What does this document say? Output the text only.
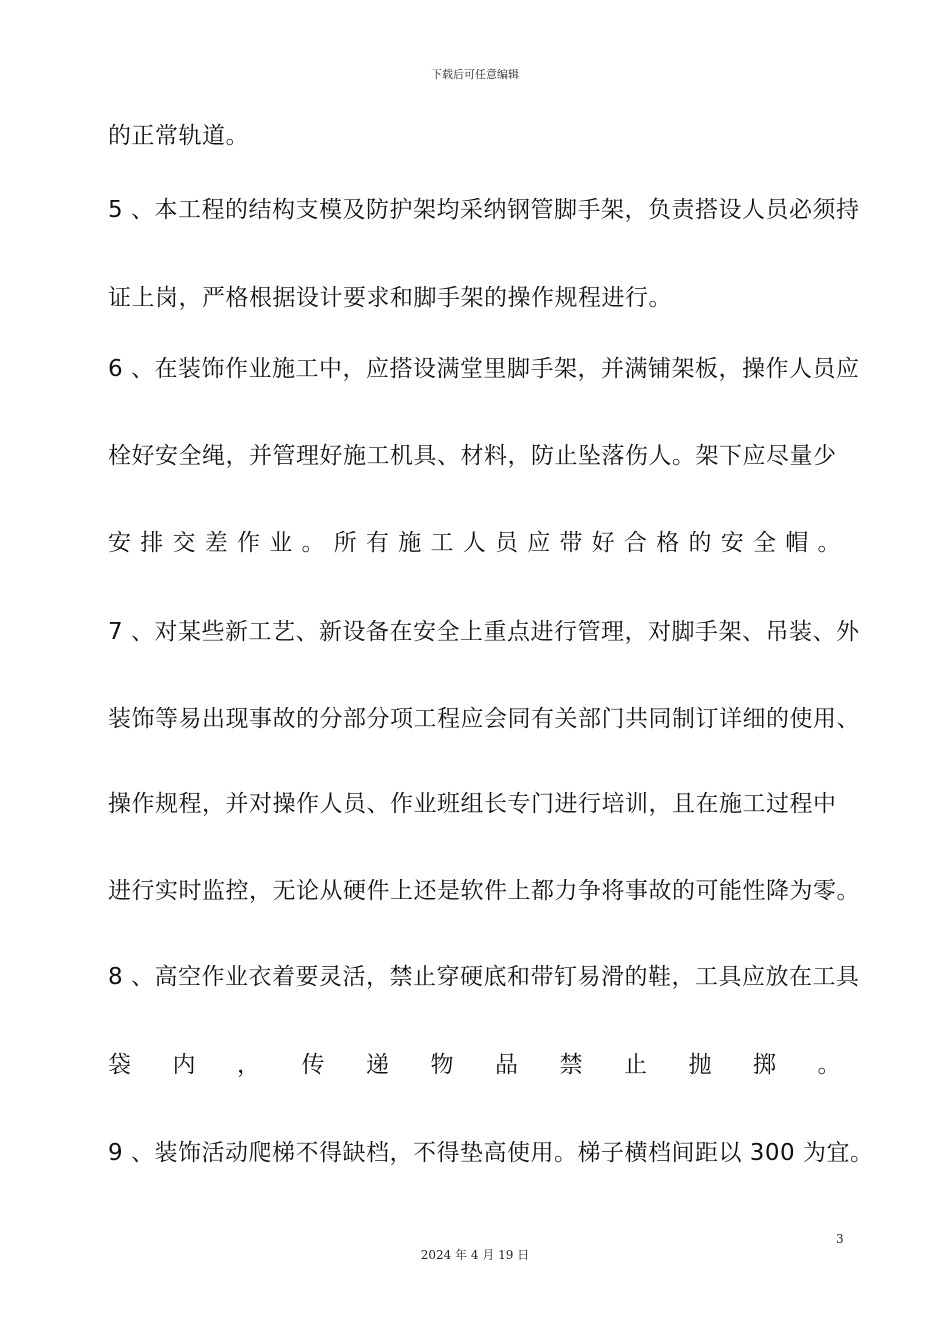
下载后可任意编辑
的正常轨道。
5 、本工程的结构支模及防护架均采纳钢管脚手架，负责搭设人员必须持
证上岗，严格根据设计要求和脚手架的操作规程进行。
6 、在装饰作业施工中，应搭设满堂里脚手架，并满铺架板，操作人员应
栓好安全绳，并管理好施工机具、材料，防止坠落伤人。架下应尽量少
安 排 交 差 作 业 。 所 有 施 工 人 员 应 带 好 合 格 的 安 全 帽 。
7 、对某些新工艺、新设备在安全上重点进行管理，对脚手架、吊装、外
装饰等易出现事故的分部分项工程应会同有关部门共同制订详细的使用、
操作规程，并对操作人员、作业班组长专门进行培训，且在施工过程中
进行实时监控，无论从硬件上还是软件上都力争将事故的可能性降为零。
8 、高空作业衣着要灵活，禁止穿硬底和带钉易滑的鞋，工具应放在工具
袋 内 ， 传 递 物 品 禁 止 抛 掷 。
9 、装饰活动爬梯不得缺档，不得垫高使用。梯子横档间距以 300 为宜。
3
2024 年 4 月 19 日
